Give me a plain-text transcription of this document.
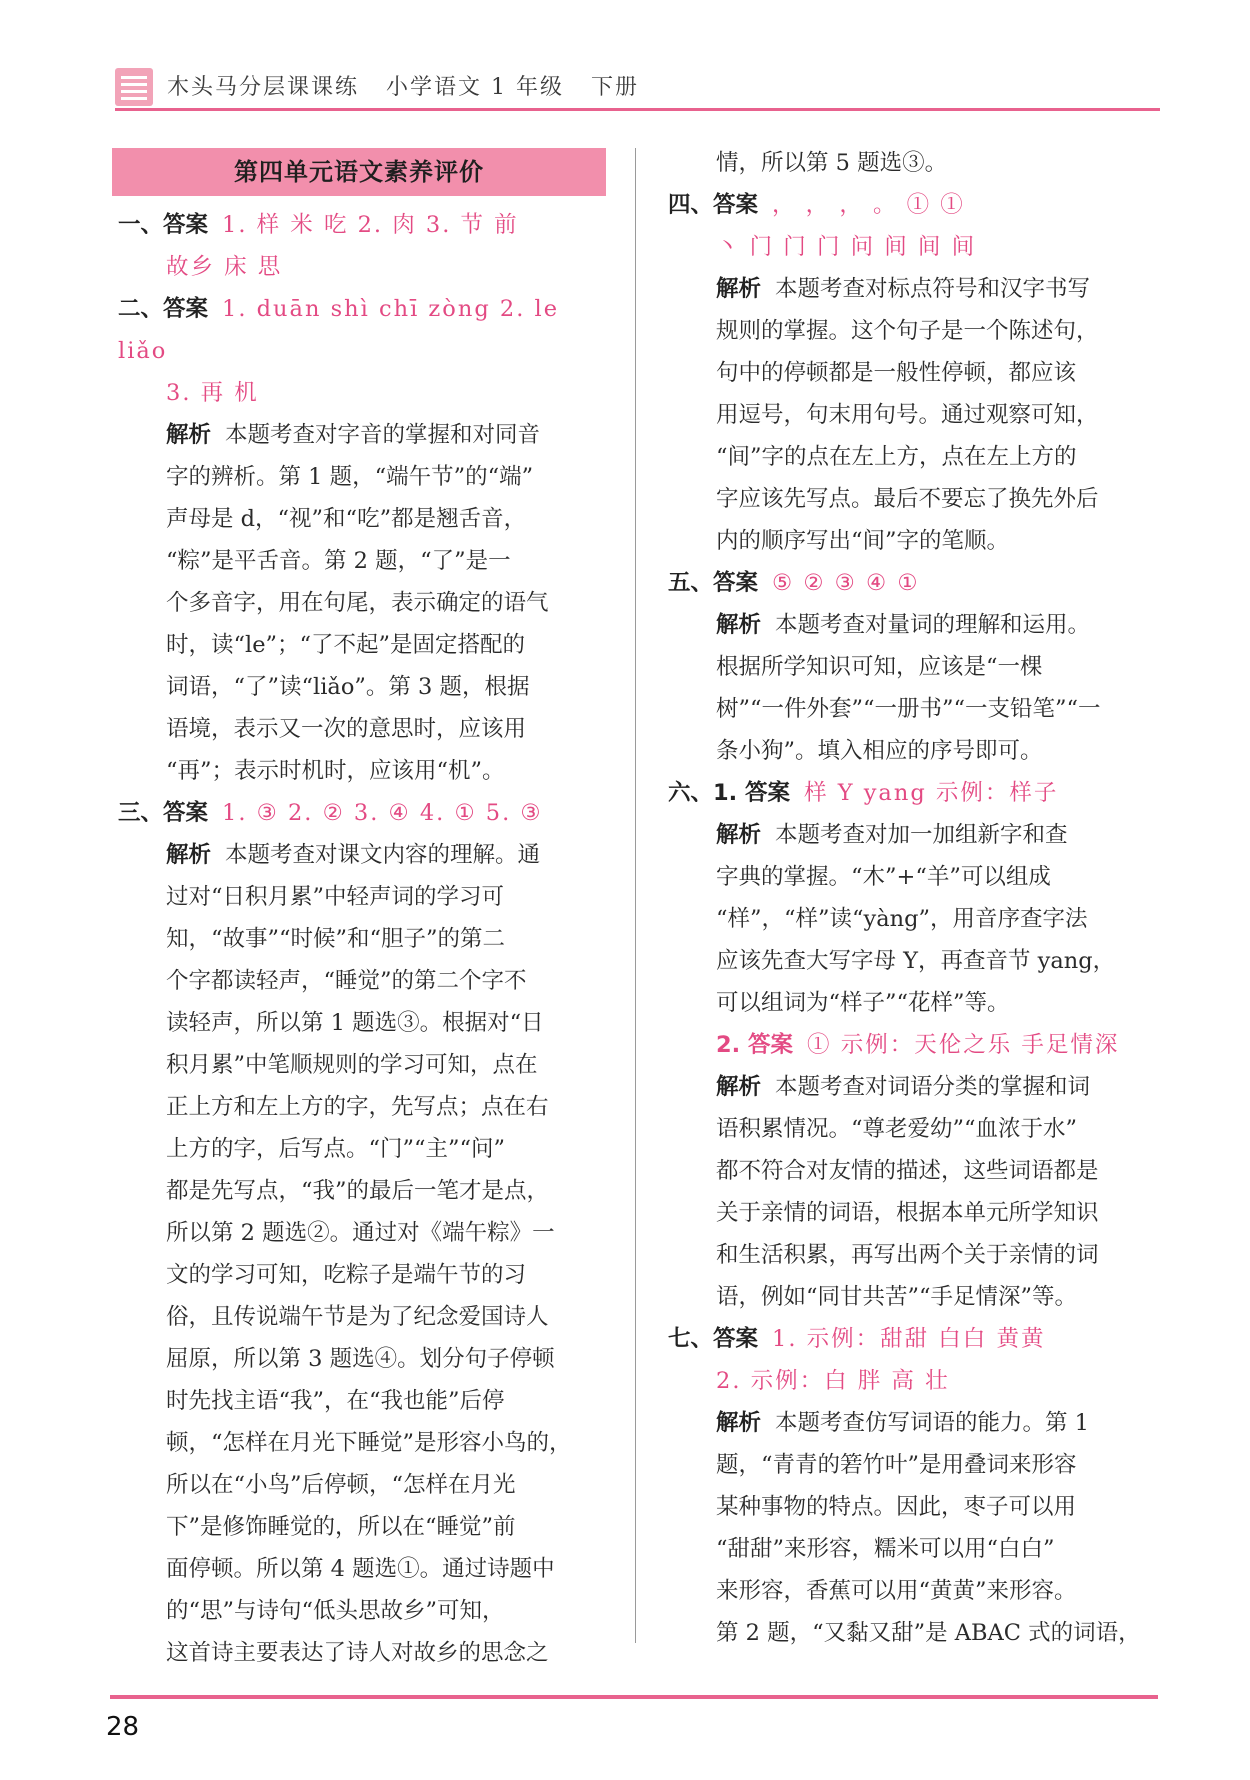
木头马分层课课练   小学语文 1 年级   下册
第四单元语文素养评价
一、答案 1. 样 米 吃 2. 肉 3. 节 前
故乡 床 思
二、答案 1. duān shì chī zòng 2. le liǎo
3. 再 机
解析 本题考查对字音的掌握和对同音
字的辨析。第 1 题，“端午节”的“端”
声母是 d，“视”和“吃”都是翘舌音，
“粽”是平舌音。第 2 题，“了”是一
个多音字，用在句尾，表示确定的语气
时，读“le”；“了不起”是固定搭配的
词语，“了”读“liǎo”。第 3 题，根据
语境，表示又一次的意思时，应该用
“再”；表示时机时，应该用“机”。
三、答案 1. ③ 2. ② 3. ④ 4. ① 5. ③
解析 本题考查对课文内容的理解。通
过对“日积月累”中轻声词的学习可
知，“故事”“时候”和“胆子”的第二
个字都读轻声，“睡觉”的第二个字不
读轻声，所以第 1 题选③。根据对“日
积月累”中笔顺规则的学习可知，点在
正上方和左上方的字，先写点；点在右
上方的字，后写点。“门”“主”“问”
都是先写点，“我”的最后一笔才是点，
所以第 2 题选②。通过对《端午粽》一
文的学习可知，吃粽子是端午节的习
俗，且传说端午节是为了纪念爱国诗人
屈原，所以第 3 题选④。划分句子停顿
时先找主语“我”，在“我也能”后停
顿，“怎样在月光下睡觉”是形容小鸟的，
所以在“小鸟”后停顿，“怎样在月光
下”是修饰睡觉的，所以在“睡觉”前
面停顿。所以第 4 题选①。通过诗题中
的“思”与诗句“低头思故乡”可知，
这首诗主要表达了诗人对故乡的思念之
情，所以第 5 题选③。
四、答案 ， ， ， 。 ① ①
丶 门 门 门 问 间 间 间
解析 本题考查对标点符号和汉字书写
规则的掌握。这个句子是一个陈述句，
句中的停顿都是一般性停顿，都应该
用逗号，句末用句号。通过观察可知，
“间”字的点在左上方，点在左上方的
字应该先写点。最后不要忘了换先外后
内的顺序写出“间”字的笔顺。
五、答案 ⑤ ② ③ ④ ①
解析 本题考查对量词的理解和运用。
根据所学知识可知，应该是“一棵
树”“一件外套”“一册书”“一支铅笔”“一
条小狗”。填入相应的序号即可。
六、1. 答案 样 Y yang 示例：样子
解析 本题考查对加一加组新字和查
字典的掌握。“木”+“羊”可以组成
“样”，“样”读“yàng”，用音序查字法
应该先查大写字母 Y，再查音节 yang，
可以组词为“样子”“花样”等。
2. 答案 ① 示例：天伦之乐 手足情深
解析 本题考查对词语分类的掌握和词
语积累情况。“尊老爱幼”“血浓于水”
都不符合对友情的描述，这些词语都是
关于亲情的词语，根据本单元所学知识
和生活积累，再写出两个关于亲情的词
语，例如“同甘共苦”“手足情深”等。
七、答案 1. 示例：甜甜 白白 黄黄
2. 示例：白 胖 高 壮
解析 本题考查仿写词语的能力。第 1
题，“青青的箬竹叶”是用叠词来形容
某种事物的特点。因此，枣子可以用
“甜甜”来形容，糯米可以用“白白”
来形容，香蕉可以用“黄黄”来形容。
第 2 题，“又黏又甜”是 ABAC 式的词语，
28
